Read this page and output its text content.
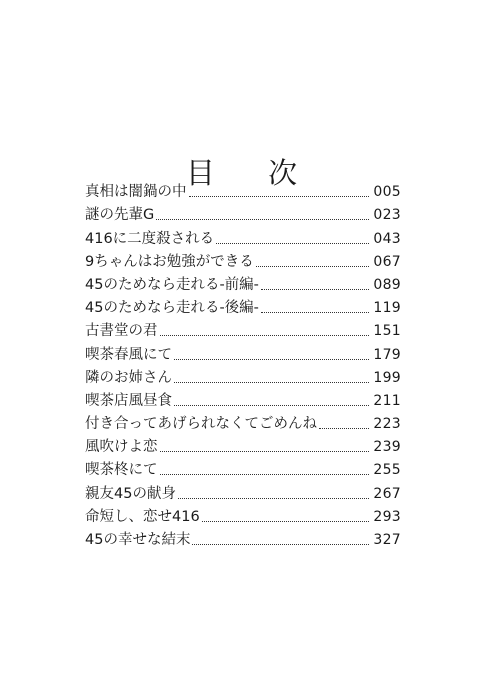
目 次
真相は闇鍋の中	005
謎の先輩G	023
416に二度殺される	043
9ちゃんはお勉強ができる	067
45のためなら走れる-前編-	089
45のためなら走れる-後編-	119
古書堂の君	151
喫茶春風にて	179
隣のお姉さん	199
喫茶店風昼食	211
付き合ってあげられなくてごめんね	223
風吹けよ恋	239
喫茶柊にて	255
親友45の献身	267
命短し、恋せ416	293
45の幸せな結末	327
